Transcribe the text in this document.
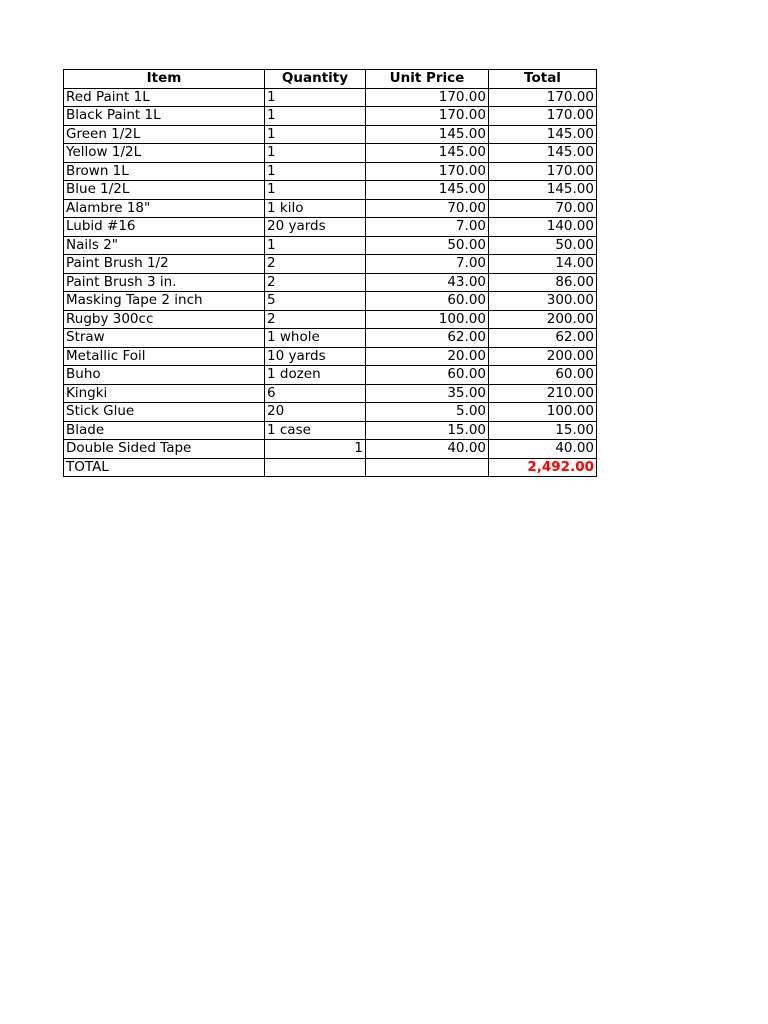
Item	Quantity	Unit Price	Total
Red Paint 1L	1	170.00	170.00
Black Paint 1L	1	170.00	170.00
Green 1/2L	1	145.00	145.00
Yellow 1/2L	1	145.00	145.00
Brown 1L	1	170.00	170.00
Blue 1/2L	1	145.00	145.00
Alambre 18"	1 kilo	70.00	70.00
Lubid #16	20 yards	7.00	140.00
Nails 2"	1	50.00	50.00
Paint Brush 1/2	2	7.00	14.00
Paint Brush 3 in.	2	43.00	86.00
Masking Tape 2 inch	5	60.00	300.00
Rugby 300cc	2	100.00	200.00
Straw	1 whole	62.00	62.00
Metallic Foil	10 yards	20.00	200.00
Buho	1 dozen	60.00	60.00
Kingki	6	35.00	210.00
Stick Glue	20	5.00	100.00
Blade	1 case	15.00	15.00
Double Sided Tape	1	40.00	40.00
TOTAL			2,492.00
